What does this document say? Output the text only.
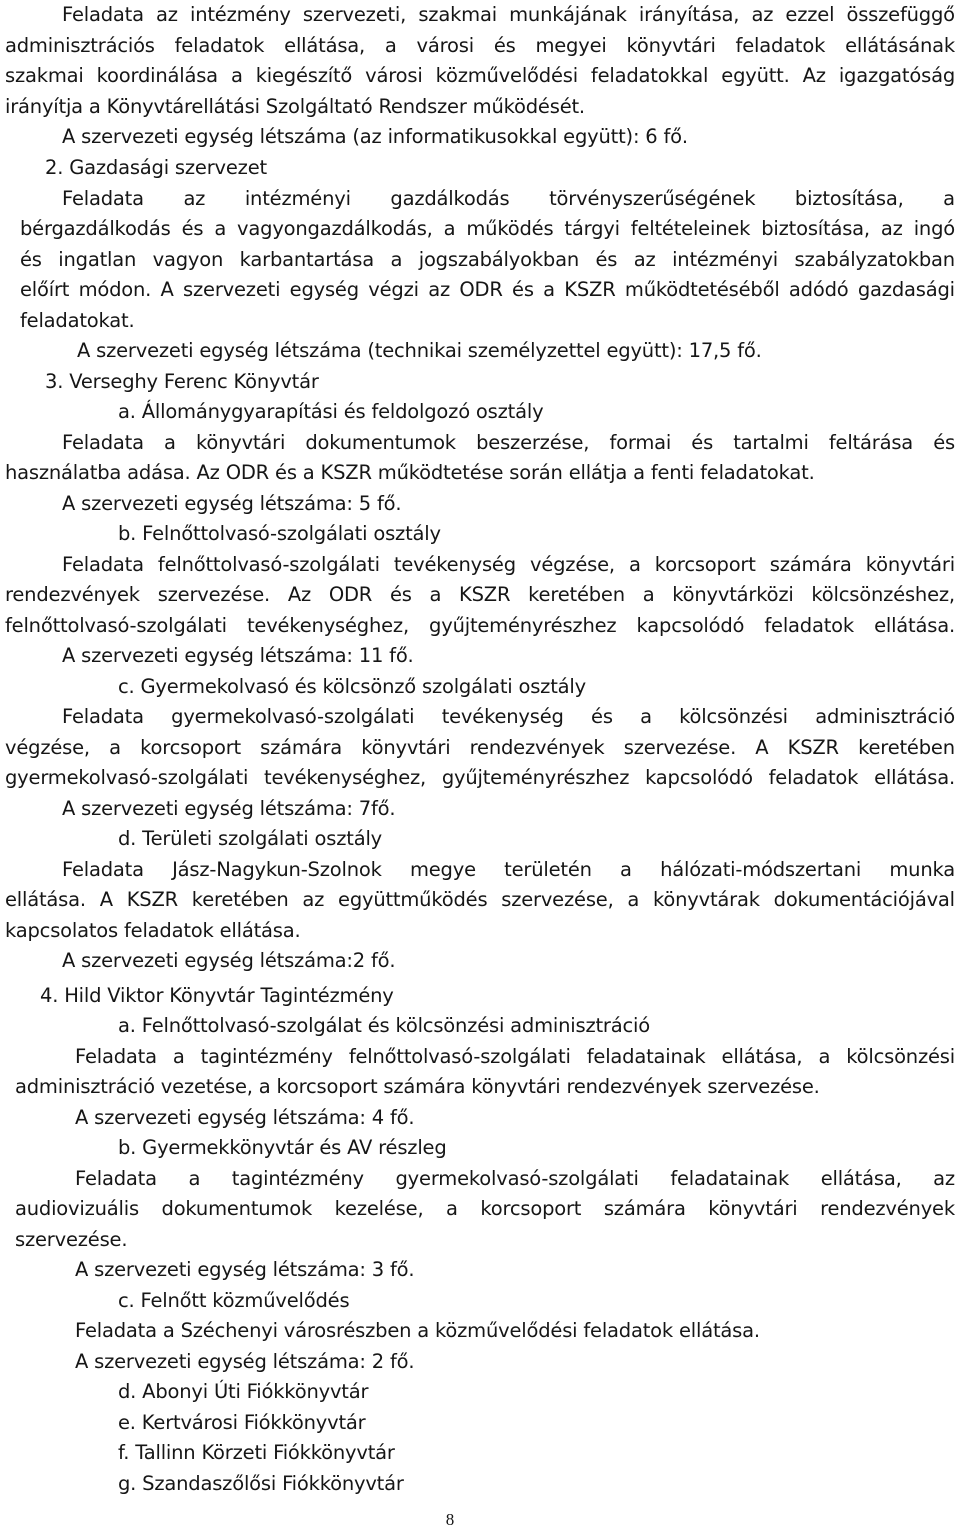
Feladata az intézmény szervezeti, szakmai munkájának irányítása, az ezzel összefüggő
adminisztrációs feladatok ellátása, a városi és megyei könyvtári feladatok ellátásának
szakmai koordinálása a kiegészítő városi közművelődési feladatokkal együtt. Az igazgatóság
irányítja a Könyvtárellátási Szolgáltató Rendszer működését.
A szervezeti egység létszáma (az informatikusokkal együtt): 6 fő.
2. Gazdasági szervezet
Feladata az intézményi gazdálkodás törvényszerűségének biztosítása, a
bérgazdálkodás és a vagyongazdálkodás, a működés tárgyi feltételeinek biztosítása, az ingó
és ingatlan vagyon karbantartása a jogszabályokban és az intézményi szabályzatokban
előírt módon. A szervezeti egység végzi az ODR és a KSZR működtetéséből adódó gazdasági
feladatokat.
A szervezeti egység létszáma (technikai személyzettel együtt): 17,5 fő.
3. Verseghy Ferenc Könyvtár
a. Állománygyarapítási és feldolgozó osztály
Feladata a könyvtári dokumentumok beszerzése, formai és tartalmi feltárása és
használatba adása. Az ODR és a KSZR működtetése során ellátja a fenti feladatokat.
A szervezeti egység létszáma: 5 fő.
b. Felnőttolvasó-szolgálati osztály
Feladata felnőttolvasó-szolgálati tevékenység végzése, a korcsoport számára könyvtári
rendezvények szervezése. Az ODR és a KSZR keretében a könyvtárközi kölcsönzéshez,
felnőttolvasó-szolgálati tevékenységhez, gyűjteményrészhez kapcsolódó feladatok ellátása.
A szervezeti egység létszáma: 11 fő.
c. Gyermekolvasó és kölcsönző szolgálati osztály
Feladata gyermekolvasó-szolgálati tevékenység és a kölcsönzési adminisztráció
végzése, a korcsoport számára könyvtári rendezvények szervezése. A KSZR keretében
gyermekolvasó-szolgálati tevékenységhez, gyűjteményrészhez kapcsolódó feladatok ellátása.
A szervezeti egység létszáma: 7fő.
d. Területi szolgálati osztály
Feladata Jász-Nagykun-Szolnok megye területén a hálózati-módszertani munka
ellátása. A KSZR keretében az együttműködés szervezése, a könyvtárak dokumentációjával
kapcsolatos feladatok ellátása.
A szervezeti egység létszáma:2 fő.
4. Hild Viktor Könyvtár Tagintézmény
a. Felnőttolvasó-szolgálat és kölcsönzési adminisztráció
Feladata a tagintézmény felnőttolvasó-szolgálati feladatainak ellátása, a kölcsönzési
adminisztráció vezetése, a korcsoport számára könyvtári rendezvények szervezése.
A szervezeti egység létszáma: 4 fő.
b. Gyermekkönyvtár és AV részleg
Feladata a tagintézmény gyermekolvasó-szolgálati feladatainak ellátása, az
audiovizuális dokumentumok kezelése, a korcsoport számára könyvtári rendezvények
szervezése.
A szervezeti egység létszáma: 3 fő.
c. Felnőtt közművelődés
Feladata a Széchenyi városrészben a közművelődési feladatok ellátása.
A szervezeti egység létszáma: 2 fő.
d. Abonyi Úti Fiókkönyvtár
e. Kertvárosi Fiókkönyvtár
f. Tallinn Körzeti Fiókkönyvtár
g. Szandaszőlősi Fiókkönyvtár
8
